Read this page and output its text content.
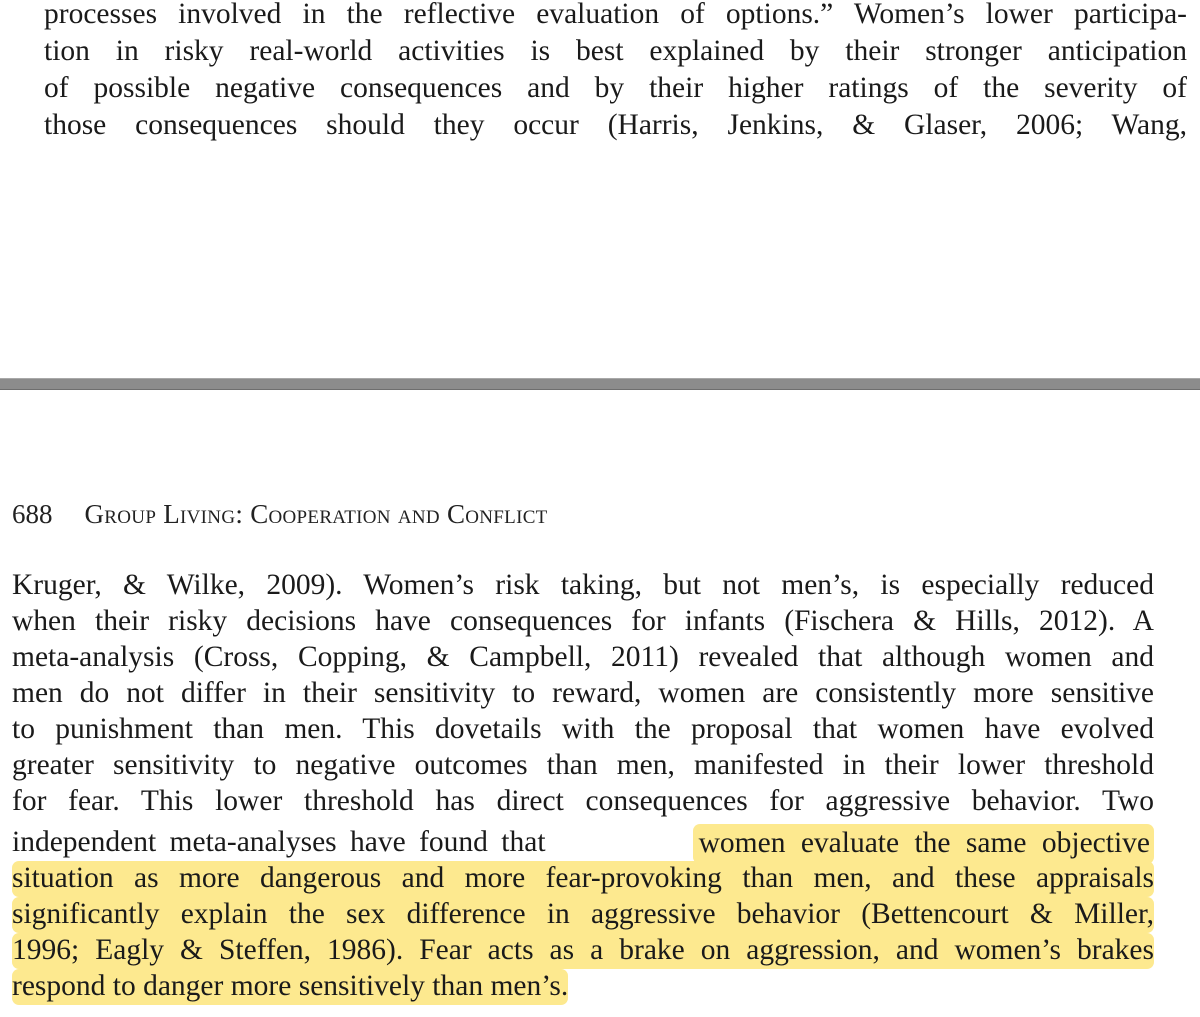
processes involved in the reflective evaluation of options.” Women’s lower participa-
tion in risky real-world activities is best explained by their stronger anticipation
of possible negative consequences and by their higher ratings of the severity of
those consequences should they occur (Harris, Jenkins, & Glaser, 2006; Wang,
688 Group Living: Cooperation and Conflict
Kruger, & Wilke, 2009). Women’s risk taking, but not men’s, is especially reduced
when their risky decisions have consequences for infants (Fischera & Hills, 2012). A
meta-analysis (Cross, Copping, & Campbell, 2011) revealed that although women and
men do not differ in their sensitivity to reward, women are consistently more sensitive
to punishment than men. This dovetails with the proposal that women have evolved
greater sensitivity to negative outcomes than men, manifested in their lower threshold
for fear. This lower threshold has direct consequences for aggressive behavior. Two
independent meta-analyses have found that	women evaluate the same objective
situation as more dangerous and more fear-provoking than men, and these appraisals
significantly explain the sex difference in aggressive behavior (Bettencourt & Miller,
1996; Eagly & Steffen, 1986). Fear acts as a brake on aggression, and women’s brakes
respond to danger more sensitively than men’s.
